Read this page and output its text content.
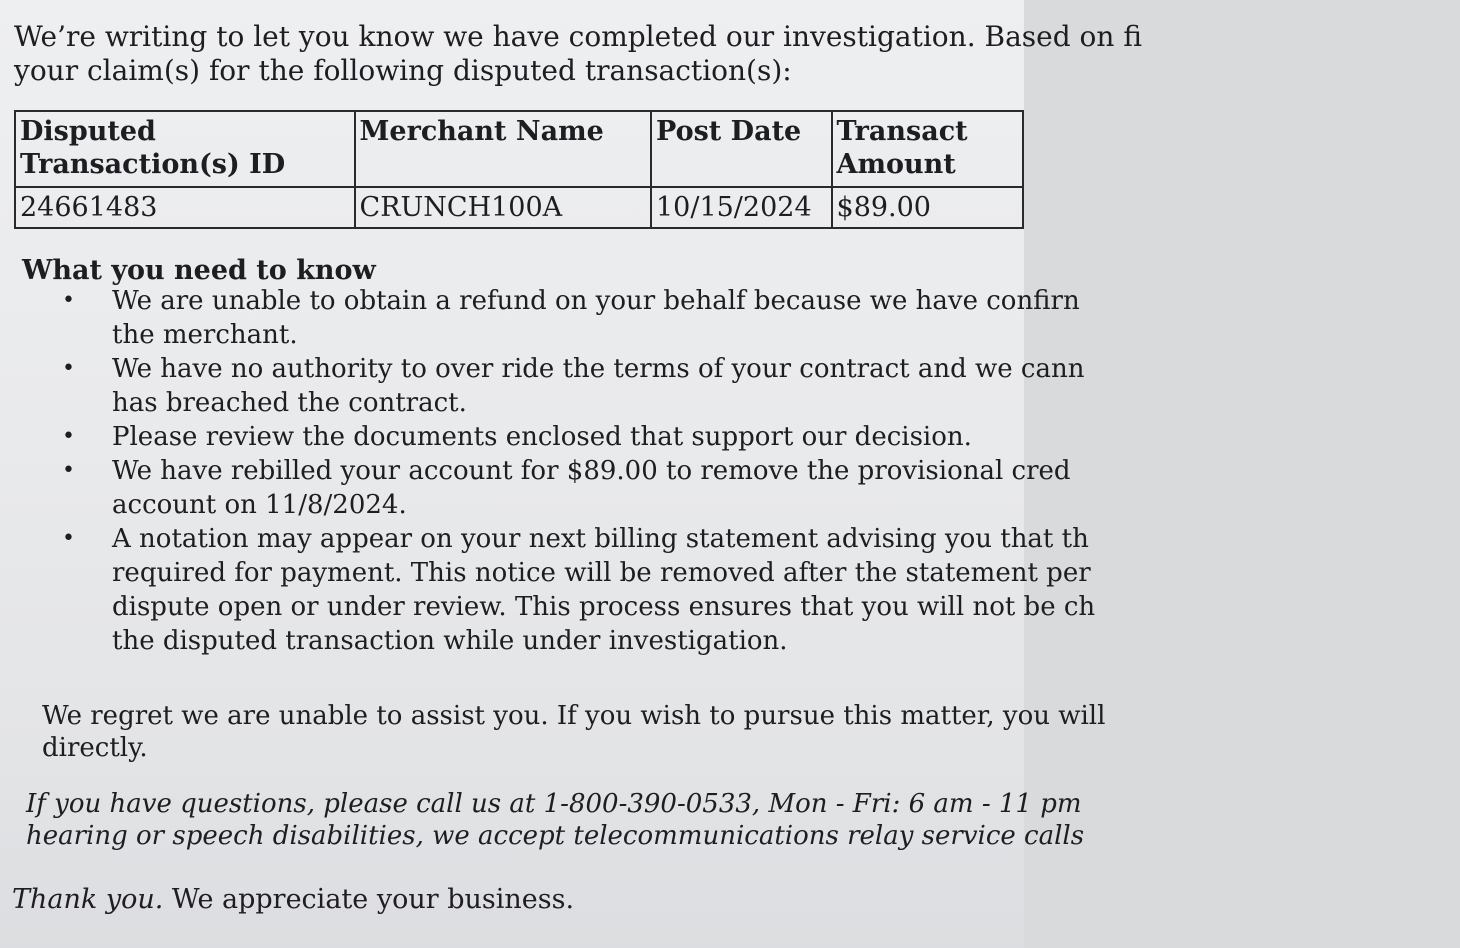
We’re writing to let you know we have completed our investigation. Based on fi
your claim(s) for the following disputed transaction(s):
Disputed Transaction(s) ID	Merchant Name	Post Date	Transact Amount
24661483	CRUNCH100A	10/15/2024	$89.00
What you need to know
• We are unable to obtain a refund on your behalf because we have confirn
the merchant.
• We have no authority to over ride the terms of your contract and we cann
has breached the contract.
• Please review the documents enclosed that support our decision.
• We have rebilled your account for $89.00 to remove the provisional cred
account on 11/8/2024.
• A notation may appear on your next billing statement advising you that th
required for payment. This notice will be removed after the statement per
dispute open or under review. This process ensures that you will not be ch
the disputed transaction while under investigation.
We regret we are unable to assist you. If you wish to pursue this matter, you will
directly.
If you have questions, please call us at 1-800-390-0533, Mon - Fri: 6 am - 11 pm
hearing or speech disabilities, we accept telecommunications relay service calls
Thank you. We appreciate your business.
